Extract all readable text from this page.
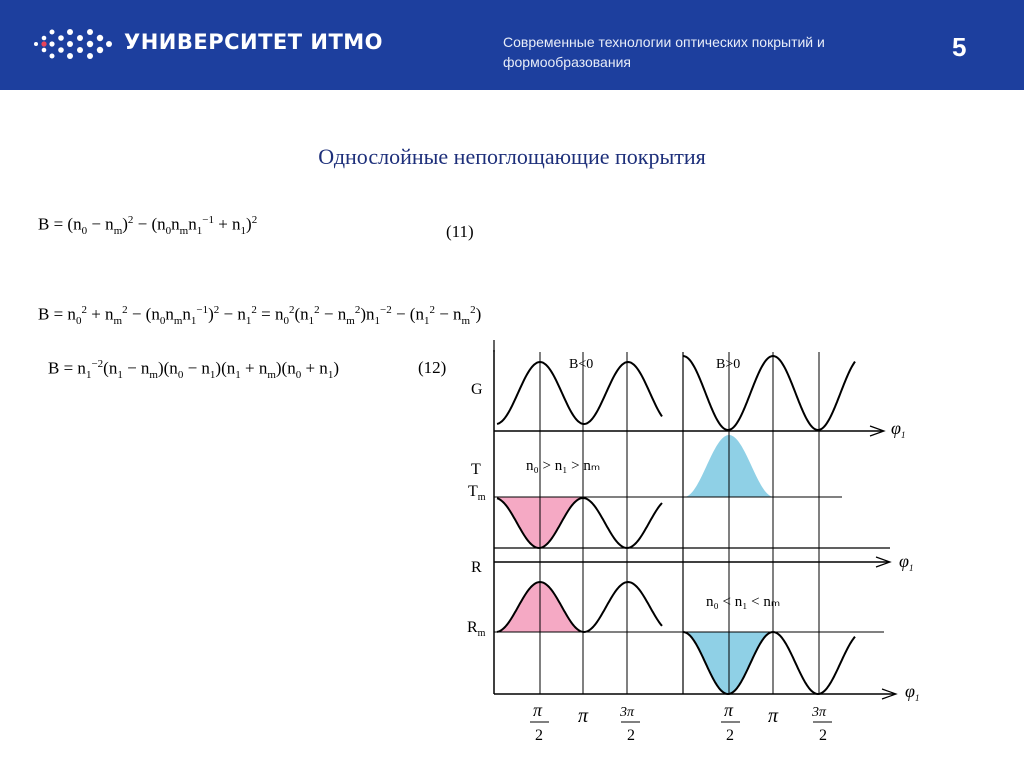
УНИВЕРСИТЕТ ИТМО	Современные технологии оптических покрытий и
формообразования	5
Однослойные непоглощающие покрытия
$B = (n_0 - n_m)^2 - (n_0n_mn_1^{-1} + n_1)^2$
(11)
$B = n_0^2 + n_m^2 - (n_0n_mn_1^{-1})^2 - n_1^2 = n_0^2(n_1^2 - n_m^2)n_1^{-2} - (n_1^2 - n_m^2)$
$B = n_1^{-2}(n_1 - n_m)(n_0 - n_1)(n_1 + n_m)(n_0 + n_1)$	(12)
G
T
$T_m$
R
$R_m$
B<0	B>0
n₀ > n₁ > nₘ
n₀ < n₁ < nₘ
$\varphi_1$
$\varphi_1$
$\varphi_1$
π
2
π 3π
2
π
2
π 3π
2
